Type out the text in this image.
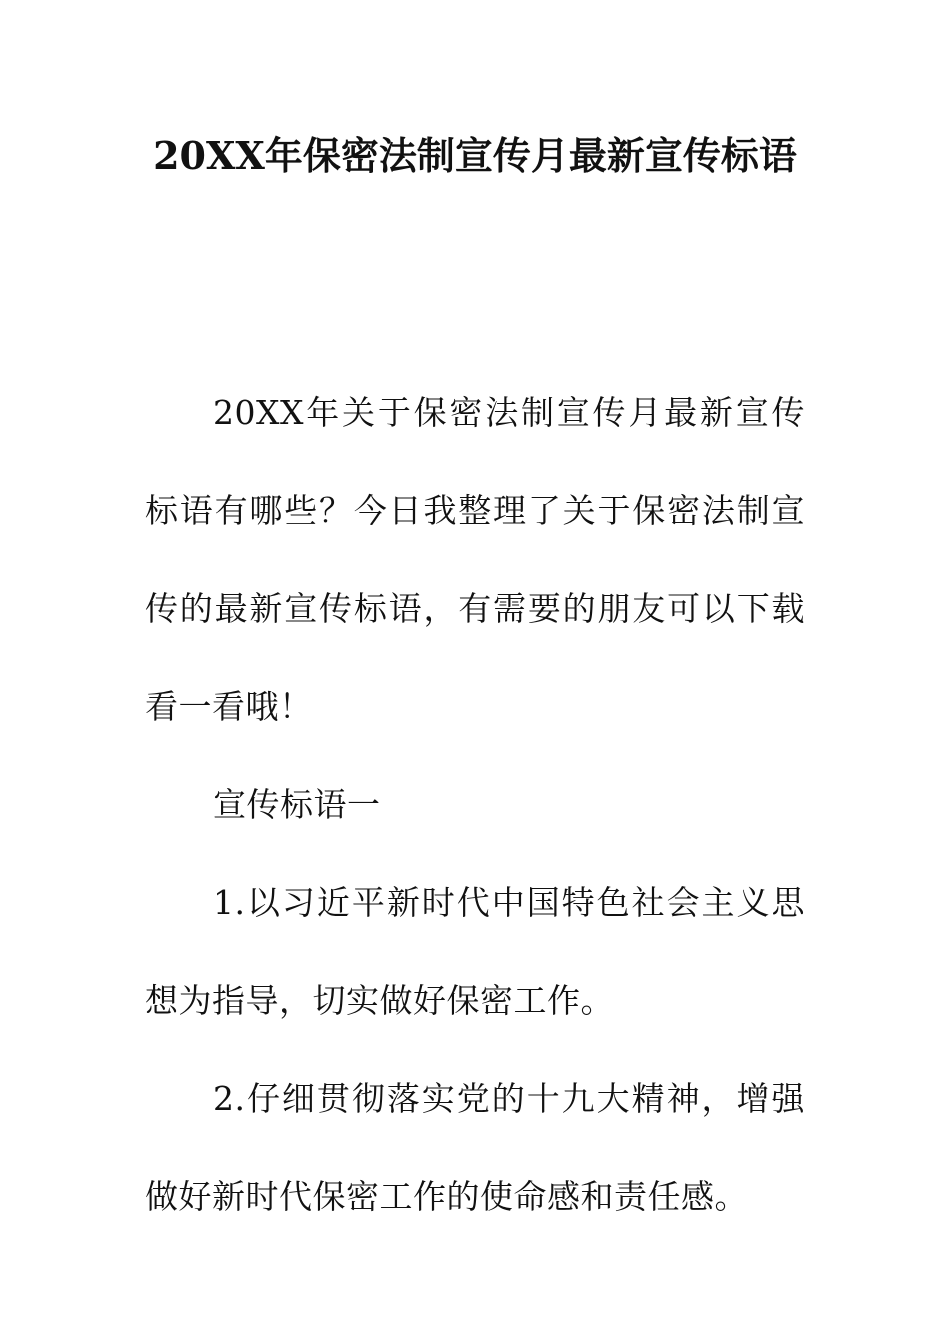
20XX年保密法制宣传月最新宣传标语

20XX年关于保密法制宣传月最新宣传标语有哪些？今日我整理了关于保密法制宣传的最新宣传标语，有需要的朋友可以下载看一看哦！

宣传标语一

1.以习近平新时代中国特色社会主义思想为指导，切实做好保密工作。

2.仔细贯彻落实党的十九大精神，增强做好新时代保密工作的使命感和责任感。
